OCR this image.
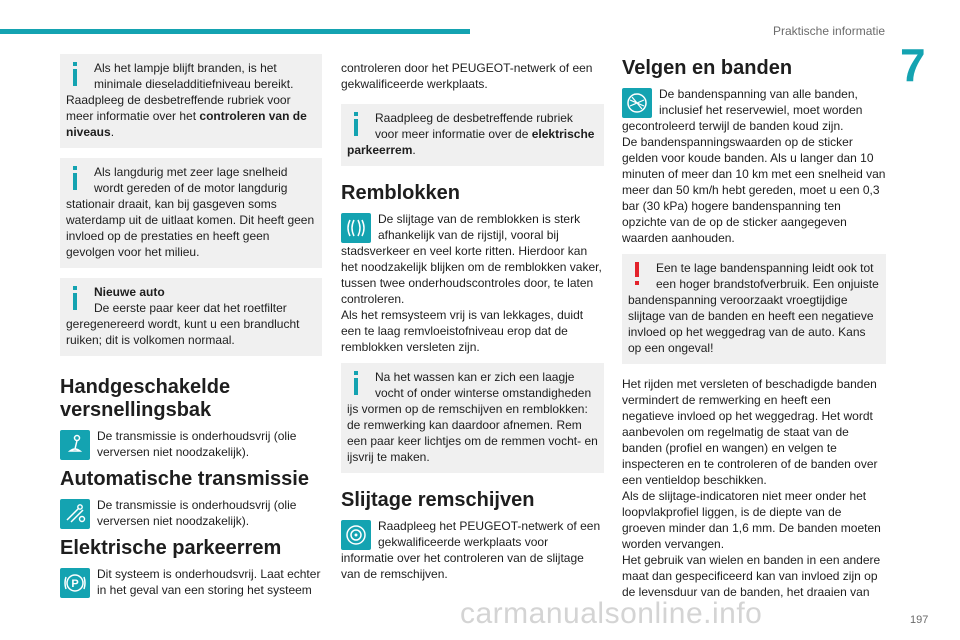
Praktische informatie
7
197
carmanualsonline.info
Als het lampje blijft branden, is het minimale dieseladditiefniveau bereikt.
Raadpleeg de desbetreffende rubriek voor meer informatie over het controleren van de niveaus.
Als langdurig met zeer lage snelheid wordt gereden of de motor langdurig stationair draait, kan bij gasgeven soms waterdamp uit de uitlaat komen. Dit heeft geen invloed op de prestaties en heeft geen gevolgen voor het milieu.
Nieuwe auto
De eerste paar keer dat het roetfilter geregenereerd wordt, kunt u een brandlucht ruiken; dit is volkomen normaal.
Handgeschakelde versnellingsbak
De transmissie is onderhoudsvrij (olie verversen niet noodzakelijk).
Automatische transmissie
De transmissie is onderhoudsvrij (olie verversen niet noodzakelijk).
Elektrische parkeerrem
P
Dit systeem is onderhoudsvrij. Laat echter in het geval van een storing het systeem

controleren door het PEUGEOT-netwerk of een gekwalificeerde werkplaats.

Raadpleeg de desbetreffende rubriek voor meer informatie over de elektrische parkeerrem.
Remblokken
De slijtage van de remblokken is sterk afhankelijk van de rijstijl, vooral bij stadsverkeer en veel korte ritten. Hierdoor kan het noodzakelijk blijken om de remblokken vaker, tussen twee onderhoudscontroles door, te laten controleren.
Als het remsysteem vrij is van lekkages, duidt een te laag remvloeistofniveau erop dat de remblokken versleten zijn.
Na het wassen kan er zich een laagje vocht of onder winterse omstandigheden ijs vormen op de remschijven en remblokken: de remwerking kan daardoor afnemen. Rem een paar keer lichtjes om de remmen vocht- en ijsvrij te maken.
Slijtage remschijven
Raadpleeg het PEUGEOT-netwerk of een gekwalificeerde werkplaats voor informatie over het controleren van de slijtage van de remschijven.
Velgen en banden
De bandenspanning van alle banden, inclusief het reservewiel, moet worden gecontroleerd terwijl de banden koud zijn.
De bandenspanningswaarden op de sticker gelden voor koude banden. Als u langer dan 10 minuten of meer dan 10 km met een snelheid van meer dan 50 km/h hebt gereden, moet u een 0,3 bar (30 kPa) hogere bandenspanning ten opzichte van de op de sticker aangegeven waarden aanhouden.
Een te lage bandenspanning leidt ook tot een hoger brandstofverbruik. Een onjuiste bandenspanning veroorzaakt vroegtijdige slijtage van de banden en heeft een negatieve invloed op het weggedrag van de auto. Kans op een ongeval!

Het rijden met versleten of beschadigde banden vermindert de remwerking en heeft een negatieve invloed op het weggedrag. Het wordt aanbevolen om regelmatig de staat van de banden (profiel en wangen) en velgen te inspecteren en te controleren of de banden over een ventieldop beschikken.
Als de slijtage-indicatoren niet meer onder het loopvlakprofiel liggen, is de diepte van de groeven minder dan 1,6 mm. De banden moeten worden vervangen.
Het gebruik van wielen en banden in een andere maat dan gespecificeerd kan van invloed zijn op de levensduur van de banden, het draaien van
